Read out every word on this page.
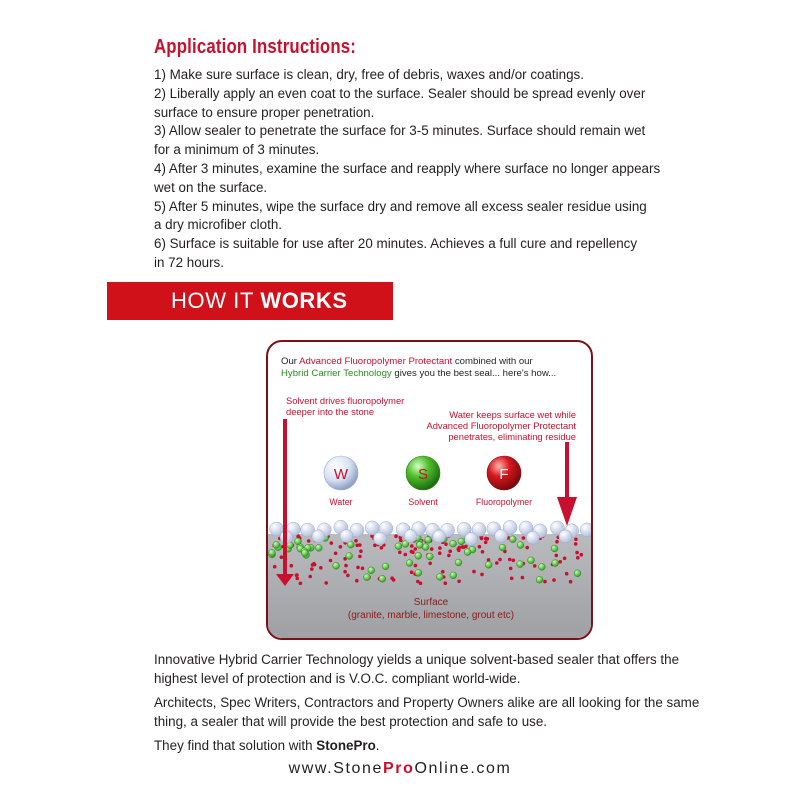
Application Instructions:
1) Make sure surface is clean, dry, free of debris, waxes and/or coatings.
2) Liberally apply an even coat to the surface. Sealer should be spread evenly over
surface to ensure proper penetration.
3) Allow sealer to penetrate the surface for 3-5 minutes. Surface should remain wet
for a minimum of 3 minutes.
4) After 3 minutes, examine the surface and reapply where surface no longer appears
wet on the surface.
5) After 5 minutes, wipe the surface dry and remove all excess sealer residue using
a dry microfiber cloth.
6) Surface is suitable for use after 20 minutes. Achieves a full cure and repellency
in 72 hours.
HOW IT WORKS
Our Advanced Fluoropolymer Protectant combined with our
Hybrid Carrier Technology gives you the best seal... here's how...
Solvent drives fluoropolymer
deeper into the stone	Water keeps surface wet while
Advanced Fluoropolymer Protectant
penetrates, eliminating residue
W
Water
S
Solvent
F
Fluoropolymer
Surface
(granite, marble, limestone, grout etc)

Innovative Hybrid Carrier Technology yields a unique solvent-based sealer that offers the
highest level of protection and is V.O.C. compliant world-wide.

Architects, Spec Writers, Contractors and Property Owners alike are all looking for the same
thing, a sealer that will provide the best protection and safe to use.

They find that solution with StonePro.

www.StoneProOnline.com
